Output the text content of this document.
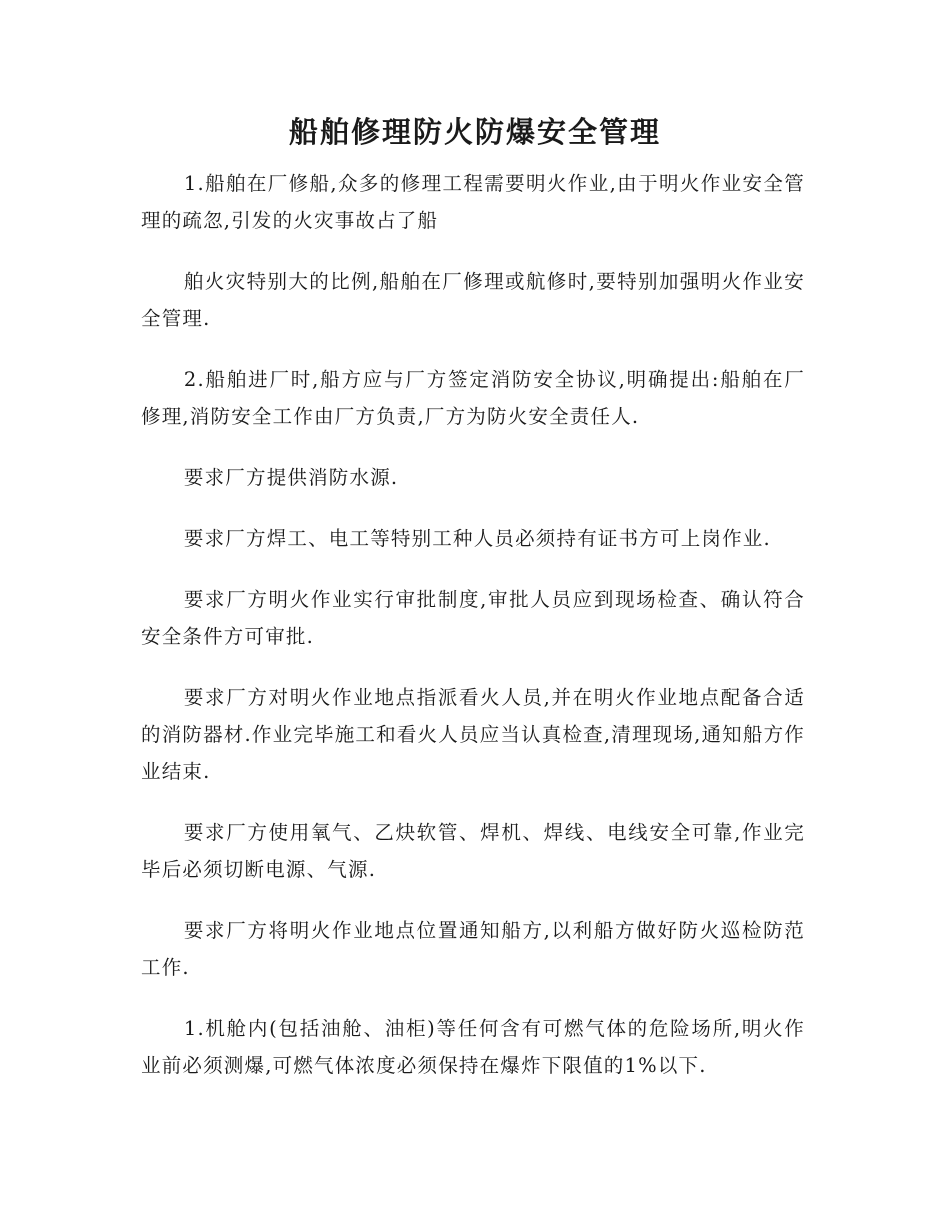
船舶修理防火防爆安全管理

1.船舶在厂修船,众多的修理工程需要明火作业,由于明火作业安全管理的疏忽,引发的火灾事故占了船

舶火灾特别大的比例,船舶在厂修理或航修时,要特别加强明火作业安全管理.

2.船舶进厂时,船方应与厂方签定消防安全协议,明确提出:船舶在厂修理,消防安全工作由厂方负责,厂方为防火安全责任人.

要求厂方提供消防水源.

要求厂方焊工、电工等特别工种人员必须持有证书方可上岗作业.

要求厂方明火作业实行审批制度,审批人员应到现场检查、确认符合安全条件方可审批.

要求厂方对明火作业地点指派看火人员,并在明火作业地点配备合适的消防器材.作业完毕施工和看火人员应当认真检查,清理现场,通知船方作业结束.

要求厂方使用氧气、乙炔软管、焊机、焊线、电线安全可靠,作业完毕后必须切断电源、气源.

要求厂方将明火作业地点位置通知船方,以利船方做好防火巡检防范工作.

1.机舱内(包括油舱、油柜)等任何含有可燃气体的危险场所,明火作业前必须测爆,可燃气体浓度必须保持在爆炸下限值的1%以下.
